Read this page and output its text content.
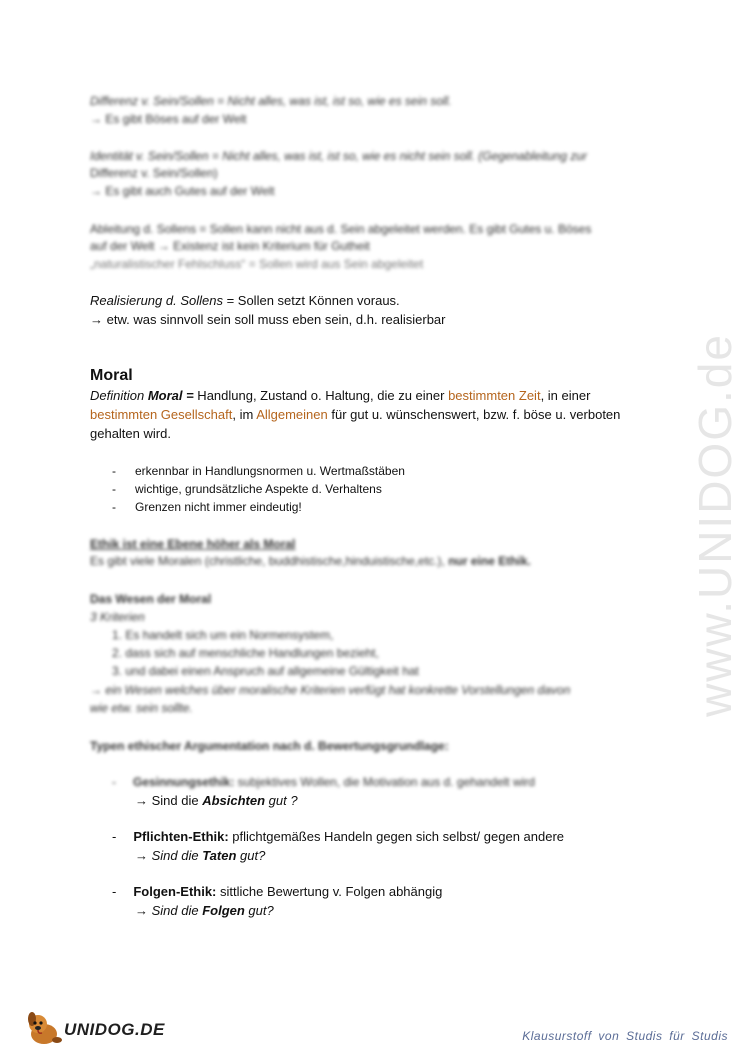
Differenz v. Sein/Sollen = Nicht alles, was ist, ist so, wie es sein soll.
→ Es gibt Böses auf der Welt
Identität v. Sein/Sollen = Nicht alles, was ist, ist so, wie es nicht sein soll. (Gegenableitung zur
Differenz v. Sein/Sollen)
→ Es gibt auch Gutes auf der Welt
Ableitung d. Sollens = Sollen kann nicht aus d. Sein abgeleitet werden. Es gibt Gutes u. Böses
auf der Welt → Existenz ist kein Kriterium für Gutheit
„naturalistischer Fehlschluss“ = Sollen wird aus Sein abgeleitet
Realisierung d. Sollens = Sollen setzt Können voraus.
→ etw. was sinnvoll sein soll muss eben sein, d.h. realisierbar
Moral
Definition Moral = Handlung, Zustand o. Haltung, die zu einer bestimmten Zeit, in einer
bestimmten Gesellschaft, im Allgemeinen für gut u. wünschenswert, bzw. f. böse u. verboten
gehalten wird.
- erkennbar in Handlungsnormen u. Wertmaßstäben
- wichtige, grundsätzliche Aspekte d. Verhaltens
- Grenzen nicht immer eindeutig!
Ethik ist eine Ebene höher als Moral
Es gibt viele Moralen (christliche, buddhistische,hinduistische,etc.), nur eine Ethik.
Das Wesen der Moral
3 Kriterien
1. Es handelt sich um ein Normensystem,
2. dass sich auf menschliche Handlungen bezieht,
3. und dabei einen Anspruch auf allgemeine Gültigkeit hat
→ ein Wesen welches über moralische Kriterien verfügt hat konkrette Vorstellungen davon
wie etw. sein sollte.
Typen ethischer Argumentation nach d. Bewertungsgrundlage:
- Gesinnungsethik: subjektives Wollen, die Motivation aus d. gehandelt wird
→ Sind die Absichten gut ?
- Pflichten-Ethik: pflichtgemäßes Handeln gegen sich selbst/ gegen andere
→ Sind die Taten gut?
- Folgen-Ethik: sittliche Bewertung v. Folgen abhängig
→ Sind die Folgen gut?
www.UNIDOG.de
UNIDOG.DE	Klausurstoff von Studis für Studis
